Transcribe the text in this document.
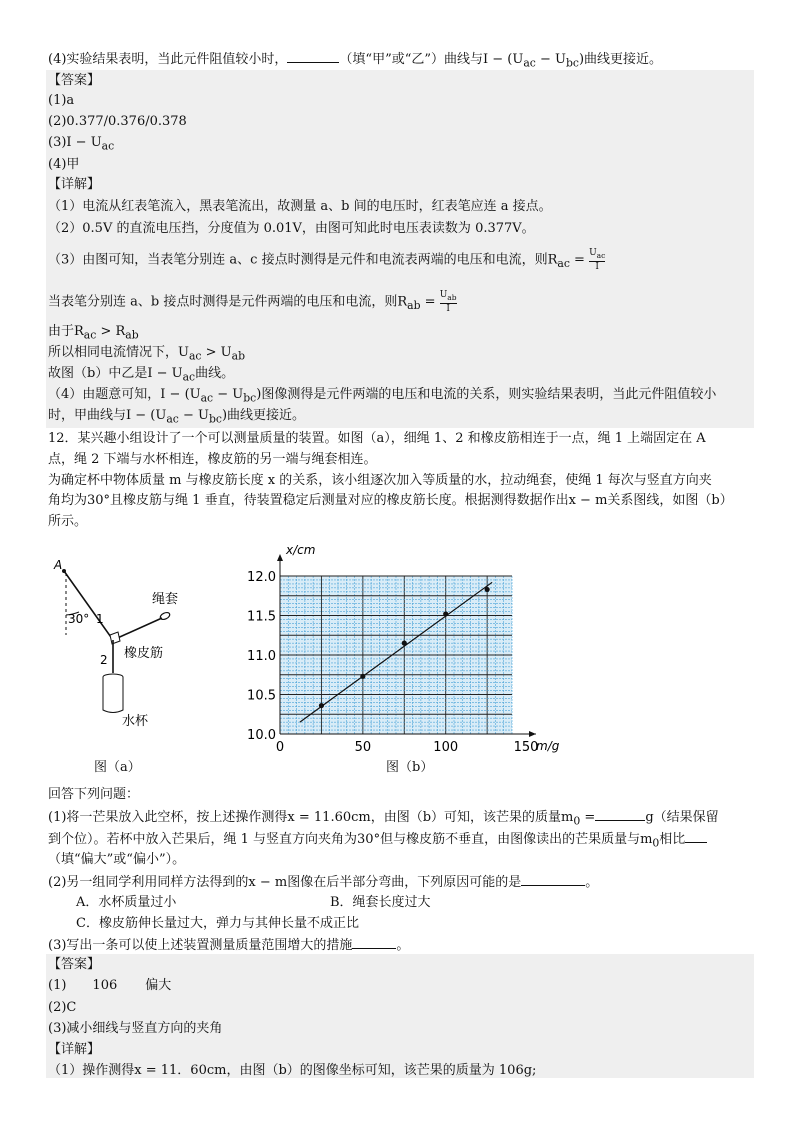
(4)实验结果表明，当此元件阻值较小时，	（填“甲”或“乙”）曲线与$I - (U_{ac} - U_{bc})$曲线更接近。
【答案】
(1)a
(2)0.377/0.376/0.378
$(3)I - U_{ac}$
(4)甲
【详解】
（1）电流从红表笔流入，黑表笔流出，故测量 a、b 间的电压时，红表笔应连 a 接点。
（2）0.5V 的直流电压挡，分度值为 0.01V，由图可知此时电压表读数为 0.377V。
（3）由图可知，当表笔分别连 a、c 接点时测得是元件和电流表两端的电压和电流，则$R_{ac} = U_{ac}$
I
当表笔分别连 a、b 接点时测得是元件两端的电压和电流，则$R_{ab} = U_{ab}$
I
由于$R_{ac} > R_{ab}$
所以相同电流情况下，$U_{ac} > U_{ab}$
故图（b）中乙是$I - U_{ac}$曲线。
（4）由题意可知，$I - (U_{ac} - U_{bc})$图像测得是元件两端的电压和电流的关系，则实验结果表明，当此元件阻值较小
时，甲曲线与$I - (U_{ac} - U_{bc})$曲线更接近。
12．某兴趣小组设计了一个可以测量质量的装置。如图（a），细绳 1、2 和橡皮筋相连于一点，绳 1 上端固定在 A
点，绳 2 下端与水杯相连，橡皮筋的另一端与绳套相连。
为确定杯中物体质量 m 与橡皮筋长度 x 的关系，该小组逐次加入等质量的水，拉动绳套，使绳 1 每次与竖直方向夹
角均为30°且橡皮筋与绳 1 垂直，待装置稳定后测量对应的橡皮筋长度。根据测得数据作出x − m关系图线，如图（b）
所示。
A
30° 1
2
绳套
橡皮筋
水杯
图（a）
0	50	100	150
10.0
10.5
11.0
11.5
12.0
x/cm
m/g
图（b）
回答下列问题：
(1)将一芒果放入此空杯，按上述操作测得x = 11.60cm，由图（b）可知，该芒果的质量$m_0$ =	g（结果保留
到个位）。若杯中放入芒果后，绳 1 与竖直方向夹角为30°但与橡皮筋不垂直，由图像读出的芒果质量与$m_0$相比
（填“偏大”或“偏小”）。
(2)另一组同学利用同样方法得到的x − m图像在后半部分弯曲，下列原因可能的是	。
A．水杯质量过小	B．绳套长度过大
C．橡皮筋伸长量过大，弹力与其伸长量不成正比
(3)写出一条可以使上述装置测量质量范围增大的措施	。
【答案】
(1) 106 偏大
(2)C
(3)减小细线与竖直方向的夹角
【详解】
（1）操作测得x = 11．60cm，由图（b）的图像坐标可知，该芒果的质量为 106g;
